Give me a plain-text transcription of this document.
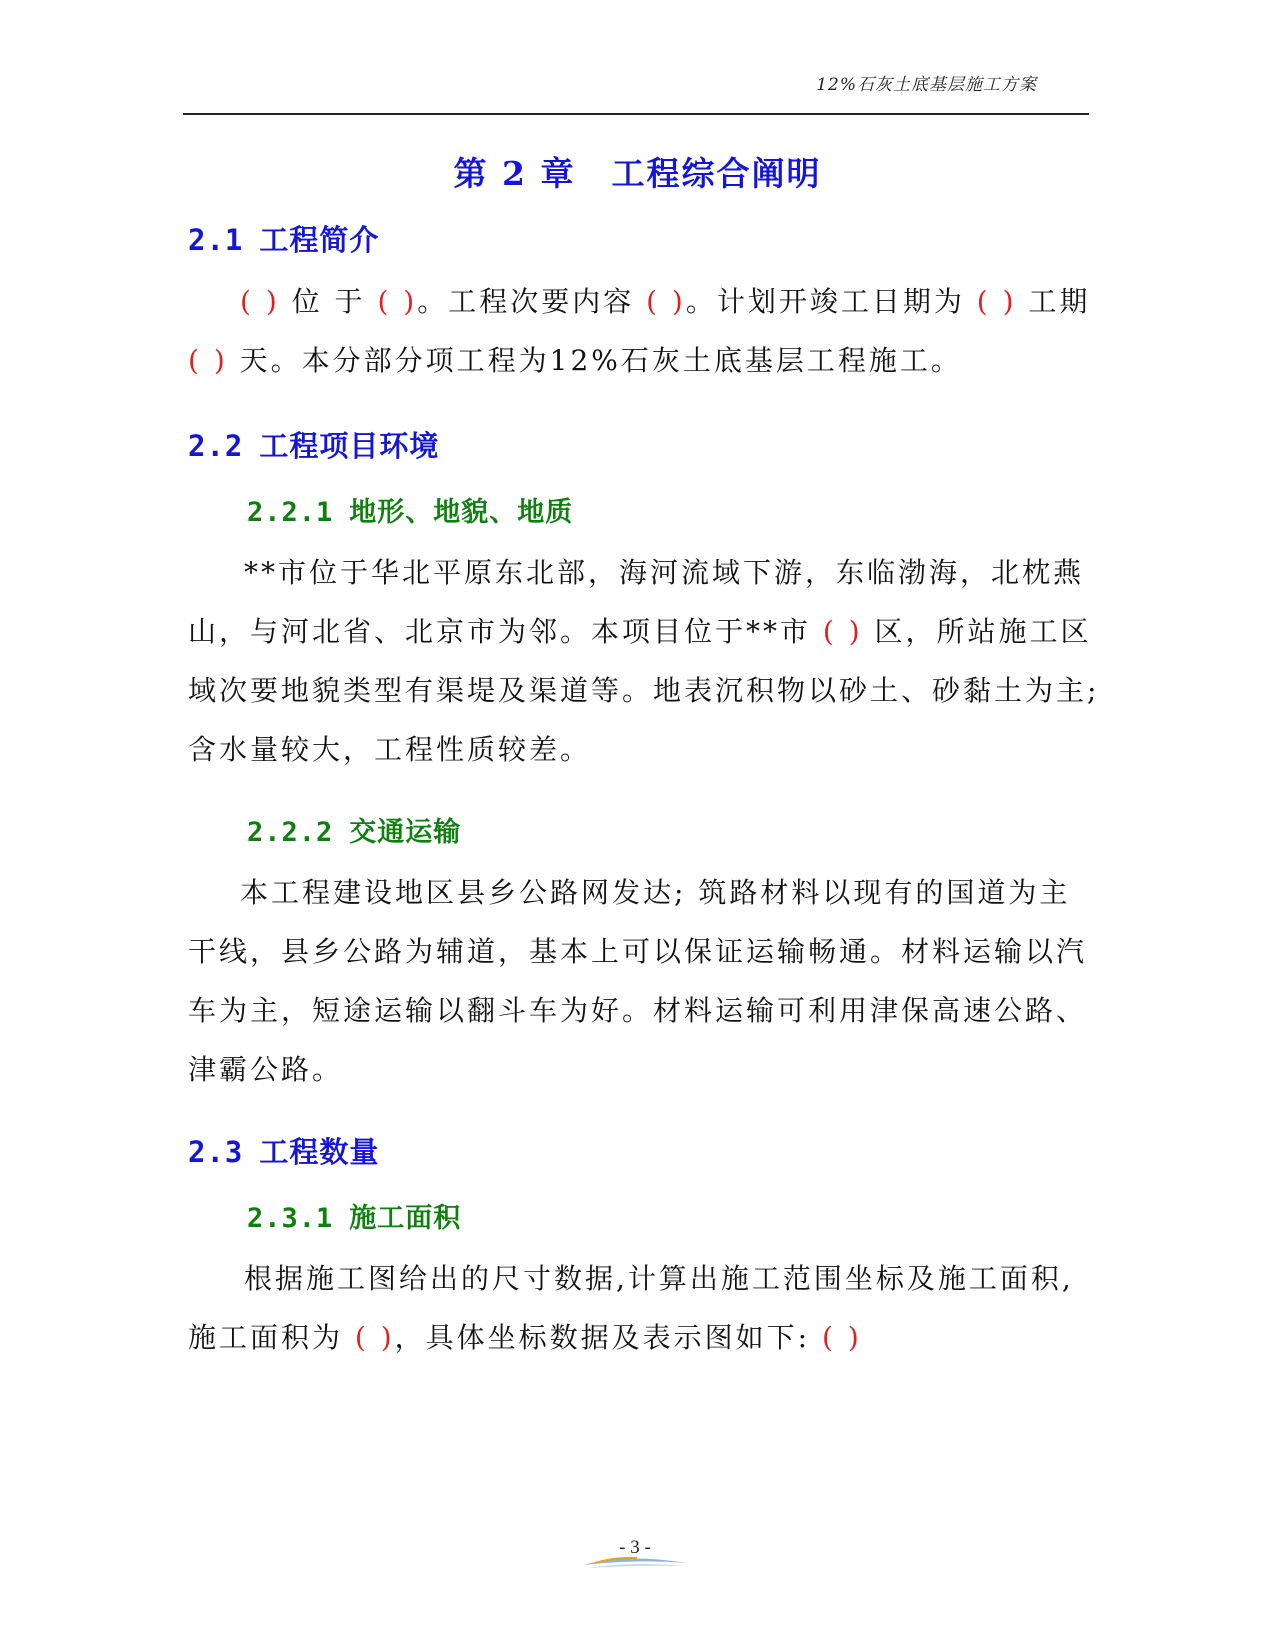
12%石灰土底基层施工方案
第 2 章 工程综合阐明
2.1 工程简介
( ) 位 于 ( )。工程次要内容 ( )。计划开竣工日期为 ( ) 工期
( ) 天。本分部分项工程为12%石灰土底基层工程施工。
2.2 工程项目环境
2.2.1 地形、地貌、地质
**市位于华北平原东北部，海河流域下游，东临渤海，北枕燕
山，与河北省、北京市为邻。本项目位于**市 ( ) 区，所站施工区
域次要地貌类型有渠堤及渠道等。地表沉积物以砂土、砂黏土为主;
含水量较大，工程性质较差。
2.2.2 交通运输
本工程建设地区县乡公路网发达; 筑路材料以现有的国道为主
干线，县乡公路为辅道，基本上可以保证运输畅通。材料运输以汽
车为主，短途运输以翻斗车为好。材料运输可利用津保高速公路、
津霸公路。
2.3 工程数量
2.3.1 施工面积
根据施工图给出的尺寸数据,计算出施工范围坐标及施工面积,
施工面积为 ( )，具体坐标数据及表示图如下: ( )
- 3 -
